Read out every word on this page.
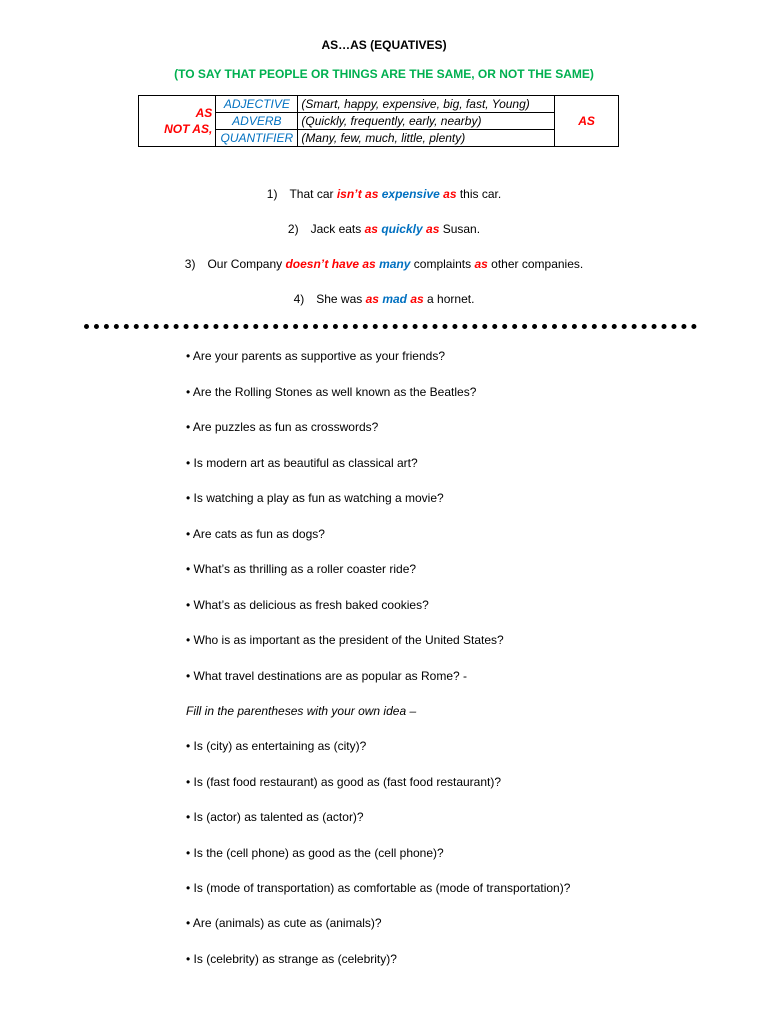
AS…AS (EQUATIVES)
(TO SAY THAT PEOPLE OR THINGS ARE THE SAME, OR NOT THE SAME)
AS
NOT AS,	ADJECTIVE	(Smart, happy, expensive, big, fast, Young)	AS
	ADVERB	(Quickly, frequently, early, nearby)	
	QUANTIFIER	(Many, few, much, little, plenty)	
1) That car isn’t as expensive as this car.
2) Jack eats as quickly as Susan.
3) Our Company doesn’t have as many complaints as other companies.
4) She was as mad as a hornet.
• Are your parents as supportive as your friends?
• Are the Rolling Stones as well known as the Beatles?
• Are puzzles as fun as crosswords?
• Is modern art as beautiful as classical art?
• Is watching a play as fun as watching a movie?
• Are cats as fun as dogs?
• What’s as thrilling as a roller coaster ride?
• What’s as delicious as fresh baked cookies?
• Who is as important as the president of the United States?
• What travel destinations are as popular as Rome? -
Fill in the parentheses with your own idea –
• Is (city) as entertaining as (city)?
• Is (fast food restaurant) as good as (fast food restaurant)?
• Is (actor) as talented as (actor)?
• Is the (cell phone) as good as the (cell phone)?
• Is (mode of transportation) as comfortable as (mode of transportation)?
• Are (animals) as cute as (animals)?
• Is (celebrity) as strange as (celebrity)?
